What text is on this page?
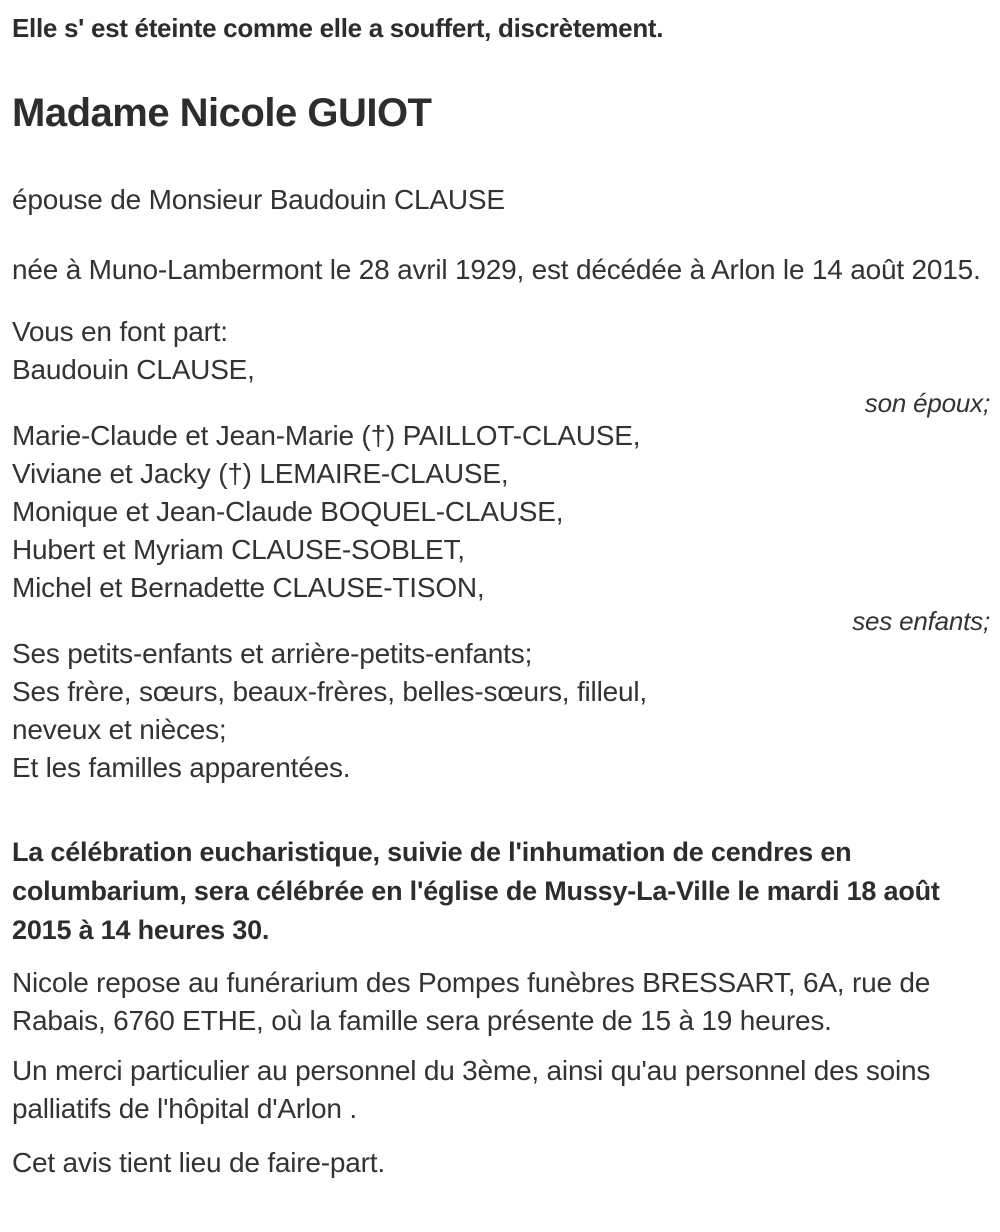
Elle s' est éteinte comme elle a souffert, discrètement.

Madame Nicole GUIOT

épouse de Monsieur Baudouin CLAUSE

née à Muno-Lambermont le 28 avril 1929, est décédée à Arlon le 14 août 2015.

Vous en font part:

Baudouin CLAUSE,
son époux;
Marie-Claude et Jean-Marie (†) PAILLOT-CLAUSE,
Viviane et Jacky (†) LEMAIRE-CLAUSE,
Monique et Jean-Claude BOQUEL-CLAUSE,
Hubert et Myriam CLAUSE-SOBLET,
Michel et Bernadette CLAUSE-TISON,
ses enfants;
Ses petits-enfants et arrière-petits-enfants;
Ses frère, sœurs, beaux-frères, belles-sœurs, filleul,
neveux et nièces;
Et les familles apparentées.

La célébration eucharistique, suivie de l'inhumation de cendres en columbarium, sera célébrée en l'église de Mussy-La-Ville le mardi 18 août 2015 à 14 heures 30.

Nicole repose au funérarium des Pompes funèbres BRESSART, 6A, rue de Rabais, 6760 ETHE, où la famille sera présente de 15 à 19 heures.

Un merci particulier au personnel du 3ème, ainsi qu'au personnel des soins palliatifs de l'hôpital d'Arlon .

Cet avis tient lieu de faire-part.
